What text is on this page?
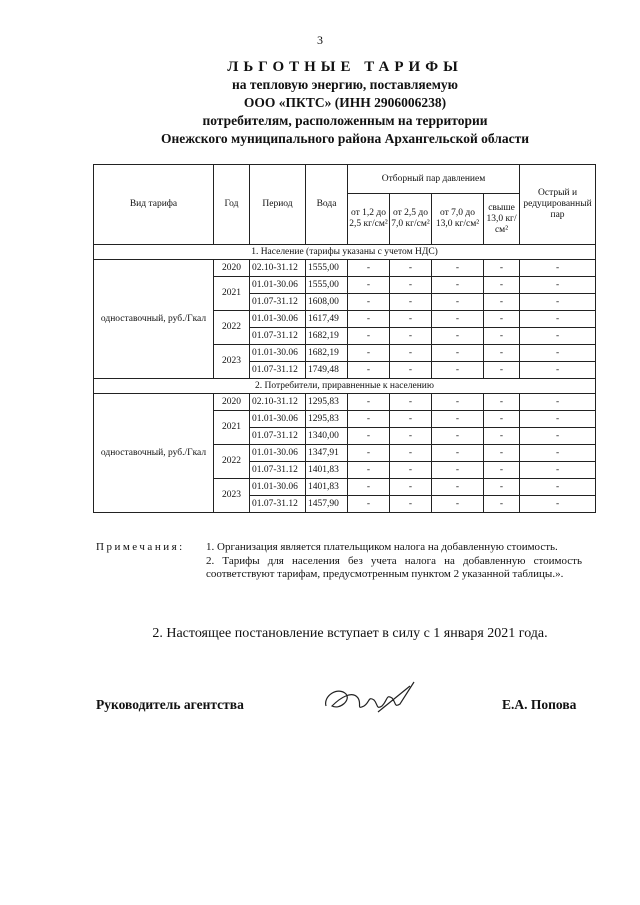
3
ЛЬГОТНЫЕ ТАРИФЫ
на тепловую энергию, поставляемую
ООО «ПКТС» (ИНН 2906006238)
потребителям, расположенным на территории
Онежского муниципального района Архангельской области
Вид тарифа	Год	Период	Вода	Отборный пар давлением				Острый и редуцированный пар
				от 1,2 до 2,5 кг/см²	от 2,5 до 7,0 кг/см²	от 7,0 до 13,0 кг/см²	свыше 13,0 кг/см²	
1. Население (тарифы указаны с учетом НДС)								
одноставочный, руб./Гкал	2020	02.10-31.12	1555,00	-	-	-	-	-
	2021	01.01-30.06	1555,00	-	-	-	-	-
		01.07-31.12	1608,00	-	-	-	-	-
	2022	01.01-30.06	1617,49	-	-	-	-	-
		01.07-31.12	1682,19	-	-	-	-	-
	2023	01.01-30.06	1682,19	-	-	-	-	-
		01.07-31.12	1749,48	-	-	-	-	-
2. Потребители, приравненные к населению								
одноставочный, руб./Гкал	2020	02.10-31.12	1295,83	-	-	-	-	-
	2021	01.01-30.06	1295,83	-	-	-	-	-
		01.07-31.12	1340,00	-	-	-	-	-
	2022	01.01-30.06	1347,91	-	-	-	-	-
		01.07-31.12	1401,83	-	-	-	-	-
	2023	01.01-30.06	1401,83	-	-	-	-	-
		01.07-31.12	1457,90	-	-	-	-	-
Примечания: 1. Организация является плательщиком налога на добавленную стоимость.

2. Тарифы для населения без учета налога на добавленную стоимость соответствуют тарифам, предусмотренным пунктом 2 указанной таблицы.».

2. Настоящее постановление вступает в силу с 1 января 2021 года.
Руководитель агентства	Е.А. Попова
